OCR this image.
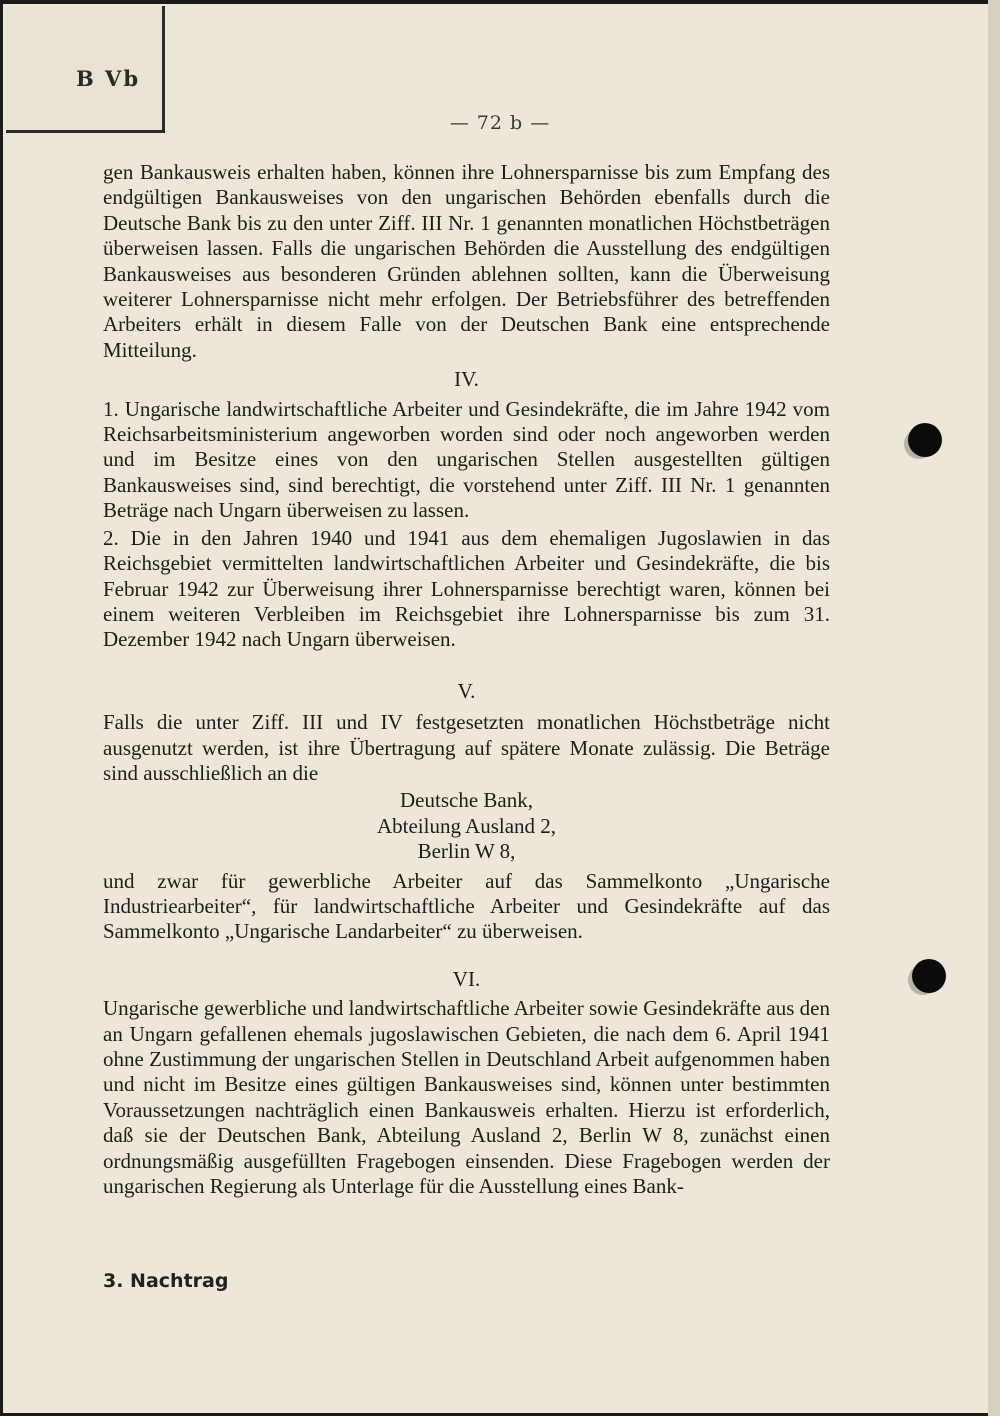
B Vb
— 72 b —

gen Bankausweis erhalten haben, können ihre Lohnersparnisse bis zum Empfang des endgültigen Bankausweises von den ungarischen Behörden ebenfalls durch die Deutsche Bank bis zu den unter Ziff. III Nr. 1 genannten monatlichen Höchstbeträgen überweisen lassen. Falls die ungarischen Behörden die Ausstellung des endgültigen Bankausweises aus besonderen Gründen ablehnen sollten, kann die Überweisung weiterer Lohnersparnisse nicht mehr erfolgen. Der Betriebsführer des betreffenden Arbeiters erhält in diesem Falle von der Deutschen Bank eine entsprechende Mitteilung.

IV.

1. Ungarische landwirtschaftliche Arbeiter und Gesindekräfte, die im Jahre 1942 vom Reichsarbeitsministerium angeworben worden sind oder noch angeworben werden und im Besitze eines von den ungarischen Stellen ausgestellten gültigen Bankausweises sind, sind berechtigt, die vorstehend unter Ziff. III Nr. 1 genannten Beträge nach Ungarn überweisen zu lassen.

2. Die in den Jahren 1940 und 1941 aus dem ehemaligen Jugoslawien in das Reichsgebiet vermittelten landwirtschaftlichen Arbeiter und Gesindekräfte, die bis Februar 1942 zur Überweisung ihrer Lohnersparnisse berechtigt waren, können bei einem weiteren Verbleiben im Reichsgebiet ihre Lohnersparnisse bis zum 31. Dezember 1942 nach Ungarn überweisen.

V.

Falls die unter Ziff. III und IV festgesetzten monatlichen Höchstbeträge nicht ausgenutzt werden, ist ihre Übertragung auf spätere Monate zulässig. Die Beträge sind ausschließlich an die

Deutsche Bank,

Abteilung Ausland 2,

Berlin W 8,

und zwar für gewerbliche Arbeiter auf das Sammelkonto „Ungarische Industriearbeiter“, für landwirtschaftliche Arbeiter und Gesindekräfte auf das Sammelkonto „Ungarische Landarbeiter“ zu überweisen.

VI.

Ungarische gewerbliche und landwirtschaftliche Arbeiter sowie Gesindekräfte aus den an Ungarn gefallenen ehemals jugoslawischen Gebieten, die nach dem 6. April 1941 ohne Zustimmung der ungarischen Stellen in Deutschland Arbeit aufgenommen haben und nicht im Besitze eines gültigen Bankausweises sind, können unter bestimmten Voraussetzungen nachträglich einen Bankausweis erhalten. Hierzu ist erforderlich, daß sie der Deutschen Bank, Abteilung Ausland 2, Berlin W 8, zunächst einen ordnungsmäßig ausgefüllten Fragebogen einsenden. Diese Fragebogen werden der ungarischen Regierung als Unterlage für die Ausstellung eines Bank-

3. Nachtrag
